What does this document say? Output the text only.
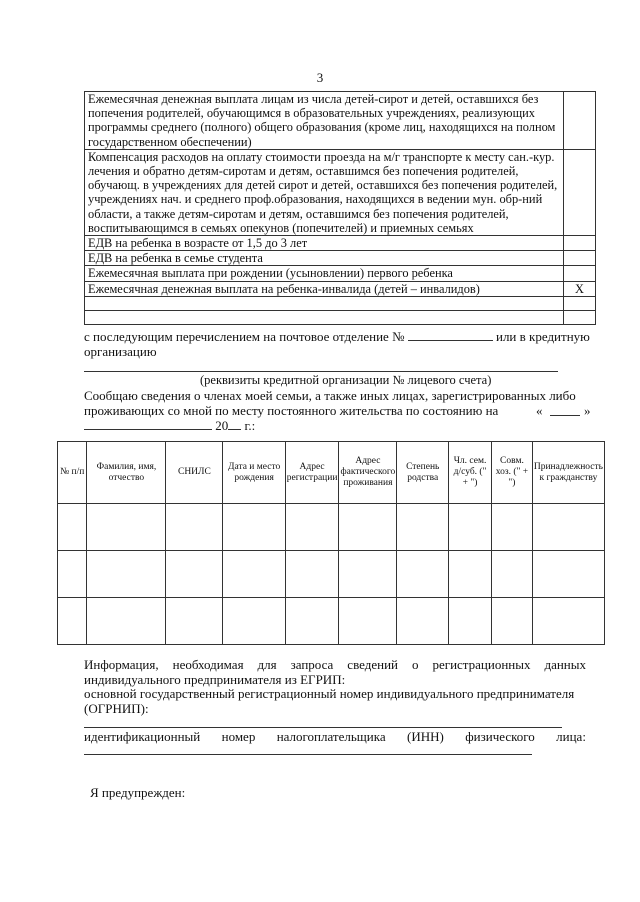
3
Ежемесячная денежная выплата лицам из числа детей-сирот и детей, оставшихся без попечения родителей, обучающимся в образовательных учреждениях, реализующих программы среднего (полного) общего образования (кроме лиц, находящихся на полном государственном обеспечении)	
Компенсация расходов на оплату стоимости проезда на м/г транспорте к месту сан.-кур. лечения и обратно детям-сиротам и детям, оставшимся без попечения родителей, обучающ. в учреждениях для детей сирот и детей, оставшихся без попечения родителей, учреждениях нач. и среднего проф.образования, находящихся в ведении мун. обр-ний области, а также детям-сиротам и детям, оставшимся без попечения родителей, воспитывающимся в семьях опекунов (попечителей) и приемных семьях	
ЕДВ на ребенка в возрасте от 1,5 до 3 лет	
ЕДВ на ребенка в семье студента	
Ежемесячная выплата при рождении (усыновлении) первого ребенка	
Ежемесячная денежная выплата на ребенка-инвалида (детей – инвалидов)	Х

с последующим перечислением на почтовое отделение №	или в кредитную
организацию
(реквизиты кредитной организации № лицевого счета)
Сообщаю сведения о членах моей семьи, а также иных лицах, зарегистрированных либо
проживающих со мной по месту постоянного жительства по состоянию на	«	»
20 г.:
№ п/п	Фамилия, имя, отчество	СНИЛС	Дата и место рождения	Адрес регистрации	Адрес фактического проживания	Степень родства	Чл. сем. д/суб. (" + ")	Совм. хоз. (" + ")	Принадлежность к гражданству

Информация, необходимая для запроса сведений о регистрационных данных
индивидуального предпринимателя из ЕГРИП:
основной государственный регистрационный номер индивидуального предпринимателя
(ОГРНИП):
идентификационный номер налогоплательщика (ИНН) физического лица:
Я предупрежден:
